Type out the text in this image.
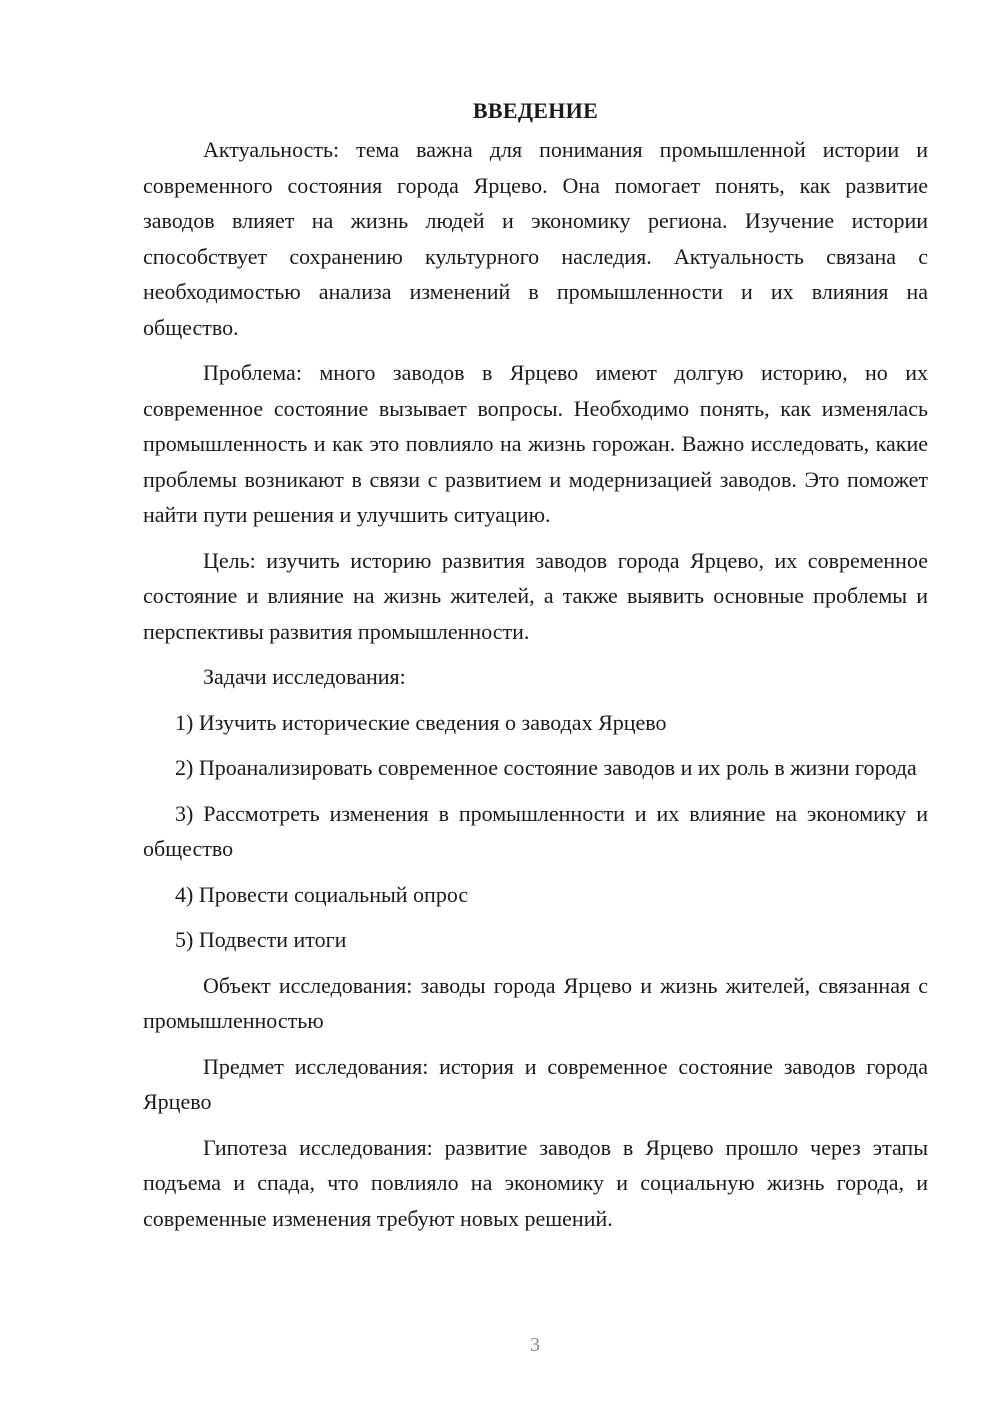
ВВЕДЕНИЕ

Актуальность: тема важна для понимания промышленной истории и современного состояния города Ярцево. Она помогает понять, как развитие заводов влияет на жизнь людей и экономику региона. Изучение истории способствует сохранению культурного наследия. Актуальность связана с необходимостью анализа изменений в промышленности и их влияния на общество.

Проблема: много заводов в Ярцево имеют долгую историю, но их современное состояние вызывает вопросы. Необходимо понять, как изменялась промышленность и как это повлияло на жизнь горожан. Важно исследовать, какие проблемы возникают в связи с развитием и модернизацией заводов. Это поможет найти пути решения и улучшить ситуацию.

Цель: изучить историю развития заводов города Ярцево, их современное состояние и влияние на жизнь жителей, а также выявить основные проблемы и перспективы развития промышленности.

Задачи исследования:

1) Изучить исторические сведения о заводах Ярцево

2) Проанализировать современное состояние заводов и их роль в жизни города

3) Рассмотреть изменения в промышленности и их влияние на экономику и общество

4) Провести социальный опрос

5) Подвести итоги

Объект исследования: заводы города Ярцево и жизнь жителей, связанная с промышленностью

Предмет исследования: история и современное состояние заводов города Ярцево

Гипотеза исследования: развитие заводов в Ярцево прошло через этапы подъема и спада, что повлияло на экономику и социальную жизнь города, и современные изменения требуют новых решений.

3
